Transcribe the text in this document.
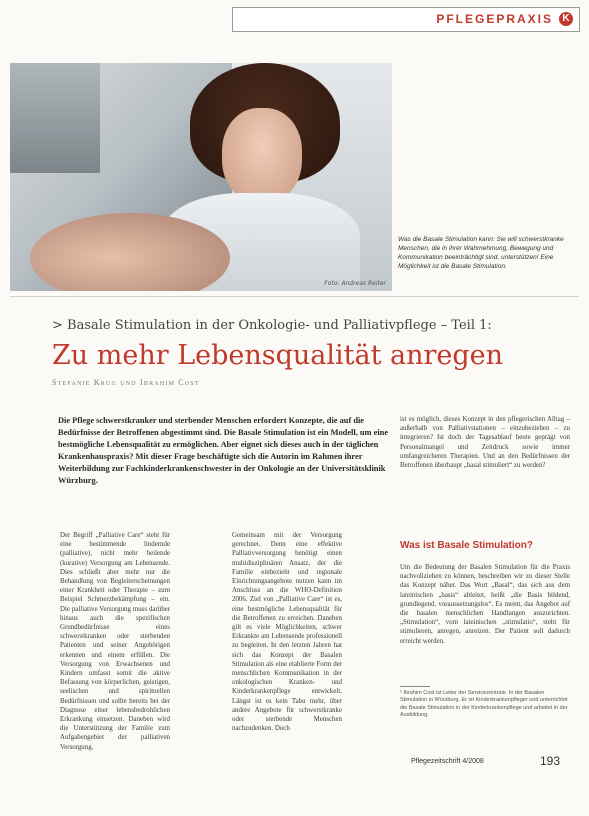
PFLEGEPRAXIS K
Foto: Andreas Reiter
Was die Basale Stimulation kann: Sie will schwerstkranke Menschen, die in ihrer Wahrnehmung, Bewegung und Kommunikation beeinträchtigt sind, unterstützen! Eine Möglichkeit ist die Basale Stimulation.
> Basale Stimulation in der Onkologie- und Palliativpflege – Teil 1:
Zu mehr Lebensqualität anregen
Stefanie Krug und Ibrahim Cost
Die Pflege schwerstkranker und sterbender Menschen erfordert Konzepte, die auf die Bedürfnisse der Betroffenen abgestimmt sind. Die Basale Stimulation ist ein Modell, um eine bestmögliche Lebensqualität zu ermöglichen. Aber eignet sich dieses auch in der täglichen Krankenhauspraxis? Mit dieser Frage beschäftigte sich die Autorin im Rahmen ihrer Weiterbildung zur Fachkinderkrankenschwester in der Onkologie an der Universitätsklinik Würzburg.
Der Begriff „Palliative Care“ steht für eine bestimmende lindernde (palliative), nicht mehr heilende (kurative) Versorgung am Lebensende. Dies schließt aber mehr nur die Behandlung von Begleiterscheinungen einer Krankheit oder Therapie – zum Beispiel Schmerzbekämpfung – ein. Die palliative Versorgung muss darüber hinaus auch die spezifischen Grundbedürfnisse eines schwerstkranken oder sterbenden Patienten und seiner Angehörigen erkennen und einem erfüllen. Die Versorgung von Erwachsenen und Kindern umfasst somit die aktive Befassung von körperlichen, geistigen, seelischen und spirituellen Bedürfnissen und sollte bereits bei der Diagnose einer lebensbedrohlichen Erkrankung einsetzen. Daneben wird die Unterstützung der Familie zum Aufgabengebiet der palliativen Versorgung.
Gemeinsam mit der Versorgung gerechnet. Denn eine effektive Palliativversorgung benötigt einen multidisziplinären Ansatz, der die Familie einbezieht und regionale Einrichtungsangebote nutzen kann im Anschluss an die WHO-Definition 2006. Ziel von „Palliative Care“ ist es, eine bestmögliche Lebensqualität für die Betroffenen zu erreichen. Daneben gilt es viele Möglichkeiten, schwer Erkrankte am Lebensende professionell zu begleiten. In den letzten Jahren hat sich das Konzept der Basalen Stimulation als eine etablierte Form der menschlichen Kommunikation in der onkologischen Kranken- und Kinderkrankenpflege entwickelt. Längst ist es kein Tabu mehr, über andere Angebote für schwerstkranke oder sterbende Menschen nachzudenken. Doch
ist es möglich, dieses Konzept in den pflegerischen Alltag – außerhalb von Palliativstationen – einzubeziehen – zu integrieren? Ist doch der Tagesablauf heute geprägt von Personalmangel und Zeitdruck sowie immer umfangreicheren Therapien. Und an den Bedürfnissen der Betroffenen überhaupt „basal stimuliert“ zu werden?
Was ist Basale Stimulation?
Um die Bedeutung der Basalen Stimulation für die Praxis nachvollziehen zu können, beschreiben wir zu dieser Stelle das Konzept näher. Das Wort „Basal“, das sich aus dem lateinischen „basis“ ableitet, heißt „die Basis bildend, grundlegend, voraussetzungslos“. Es meint, das Angebot auf die basalen menschlichen Handlungen auszurichten. „Stimulation“, vom lateinischen „stimulatio“, steht für stimulieren, anregen, anreizen. Der Patient soll dadurch erreicht werden.
¹ Ibrahim Cost ist Leiter der Servicezentrale. In der Basalen Stimulation in Würzburg. Er ist Kinderkrankenpfleger und unterrichtet die Basale Stimulation in der Kinderkrankenpflege und arbeitet in der Ausbildung.
Pflegezeitschrift 4/2008	193
